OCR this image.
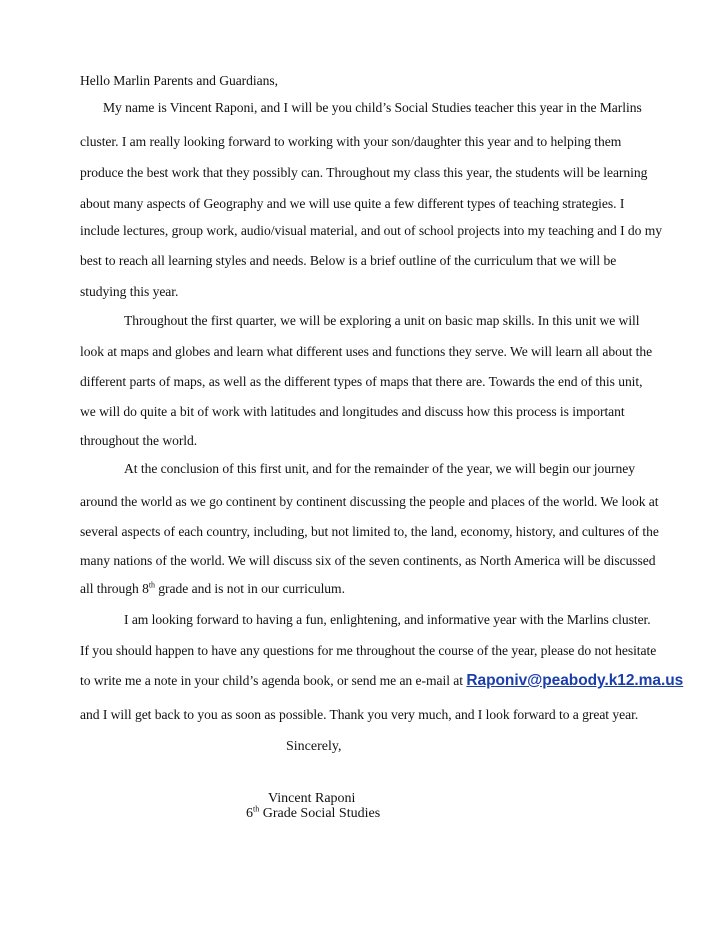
Hello Marlin Parents and Guardians,
My name is Vincent Raponi, and I will be you child’s Social Studies teacher this year in the Marlins
cluster. I am really looking forward to working with your son/daughter this year and to helping them
produce the best work that they possibly can. Throughout my class this year, the students will be learning
about many aspects of Geography and we will use quite a few different types of teaching strategies. I
include lectures, group work, audio/visual material, and out of school projects into my teaching and I do my
best to reach all learning styles and needs. Below is a brief outline of the curriculum that we will be
studying this year.
Throughout the first quarter, we will be exploring a unit on basic map skills. In this unit we will
look at maps and globes and learn what different uses and functions they serve. We will learn all about the
different parts of maps, as well as the different types of maps that there are. Towards the end of this unit,
we will do quite a bit of work with latitudes and longitudes and discuss how this process is important
throughout the world.
At the conclusion of this first unit, and for the remainder of the year, we will begin our journey
around the world as we go continent by continent discussing the people and places of the world. We look at
several aspects of each country, including, but not limited to, the land, economy, history, and cultures of the
many nations of the world. We will discuss six of the seven continents, as North America will be discussed
all through 8th grade and is not in our curriculum.
I am looking forward to having a fun, enlightening, and informative year with the Marlins cluster.
If you should happen to have any questions for me throughout the course of the year, please do not hesitate
to write me a note in your child’s agenda book, or send me an e-mail at Raponiv@peabody.k12.ma.us
and I will get back to you as soon as possible. Thank you very much, and I look forward to a great year.
Sincerely,
Vincent Raponi
6th Grade Social Studies
